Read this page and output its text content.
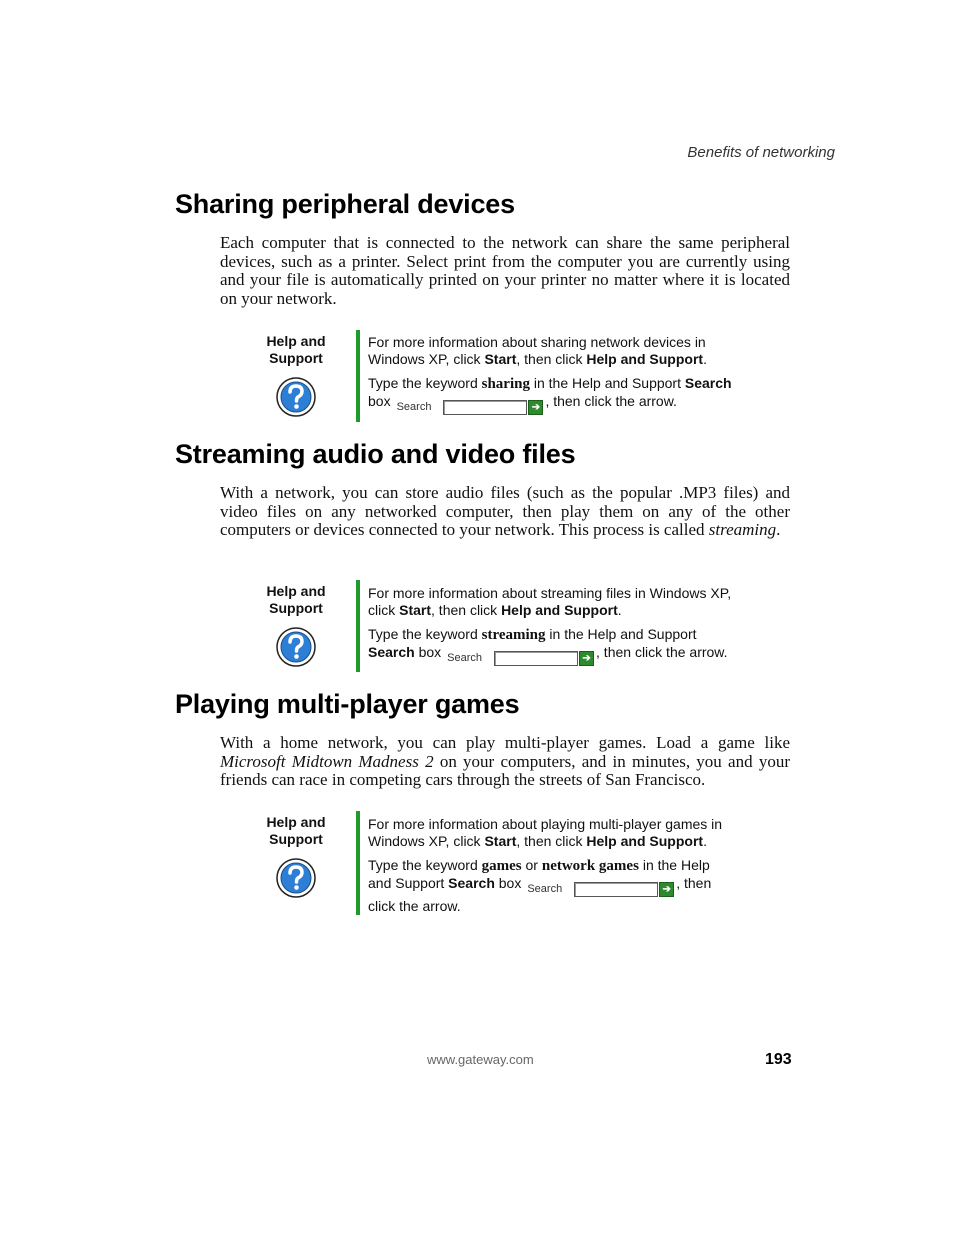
Benefits of networking
Sharing peripheral devices

Each computer that is connected to the network can share the same peripheral devices, such as a printer. Select print from the computer you are currently using and your file is automatically printed on your printer no matter where it is located on your network.

Help and
Support

For more information about sharing network devices in Windows XP, click Start, then click Help and Support.

Type the keyword sharing in the Help and Support Search
box Search	➔ , then click the arrow.

Streaming audio and video files

With a network, you can store audio files (such as the popular .MP3 files) and video files on any networked computer, then play them on any of the other computers or devices connected to your network. This process is called streaming.

Help and
Support

For more information about streaming files in Windows XP, click Start, then click Help and Support.

Type the keyword streaming in the Help and Support
Search box Search	➔ , then click the arrow.

Playing multi-player games

With a home network, you can play multi-player games. Load a game like Microsoft Midtown Madness 2 on your computers, and in minutes, you and your friends can race in competing cars through the streets of San Francisco.

Help and
Support

For more information about playing multi-player games in Windows XP, click Start, then click Help and Support.

Type the keyword games or network games in the Help and Support Search box Search	➔ , then click the arrow.

www.gateway.com	193
